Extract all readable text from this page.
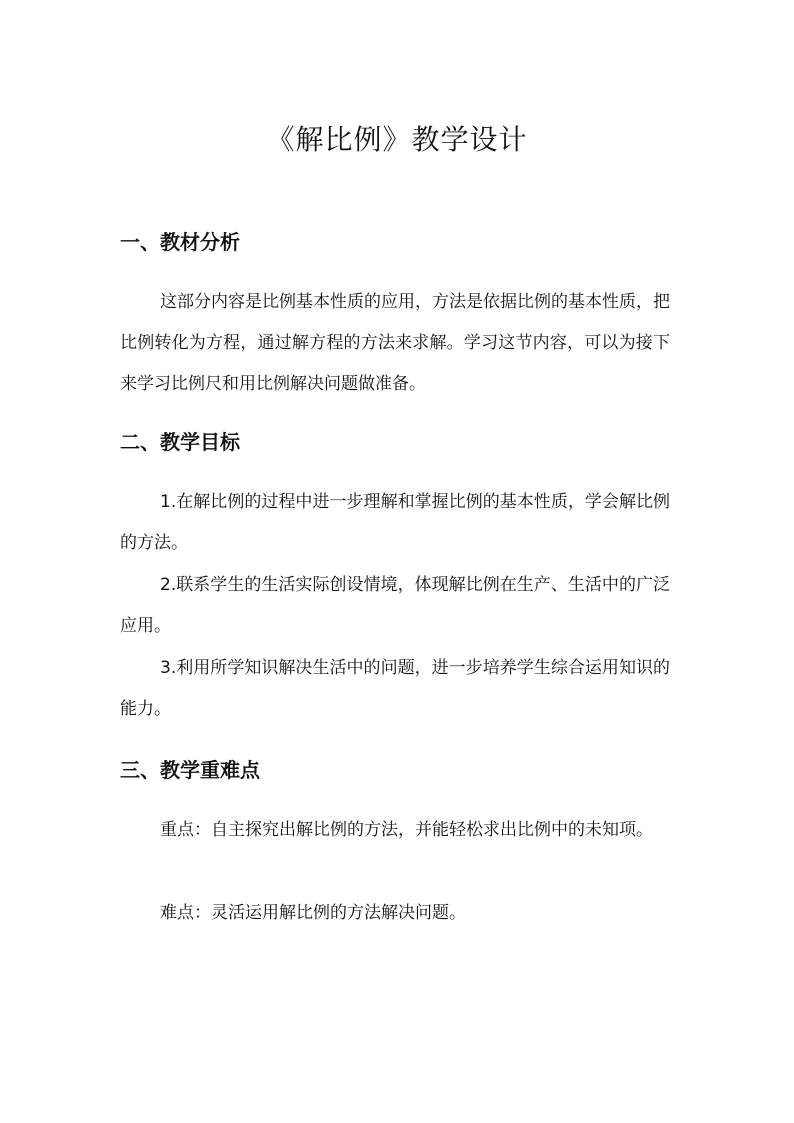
《解比例》教学设计
一、教材分析
这部分内容是比例基本性质的应用，方法是依据比例的基本性质，把比例转化为方程，通过解方程的方法来求解。学习这节内容，可以为接下来学习比例尺和用比例解决问题做准备。
二、教学目标
1.在解比例的过程中进一步理解和掌握比例的基本性质，学会解比例的方法。
2.联系学生的生活实际创设情境，体现解比例在生产、生活中的广泛应用。
3.利用所学知识解决生活中的问题，进一步培养学生综合运用知识的能力。
三、教学重难点
重点：自主探究出解比例的方法，并能轻松求出比例中的未知项。
难点：灵活运用解比例的方法解决问题。
